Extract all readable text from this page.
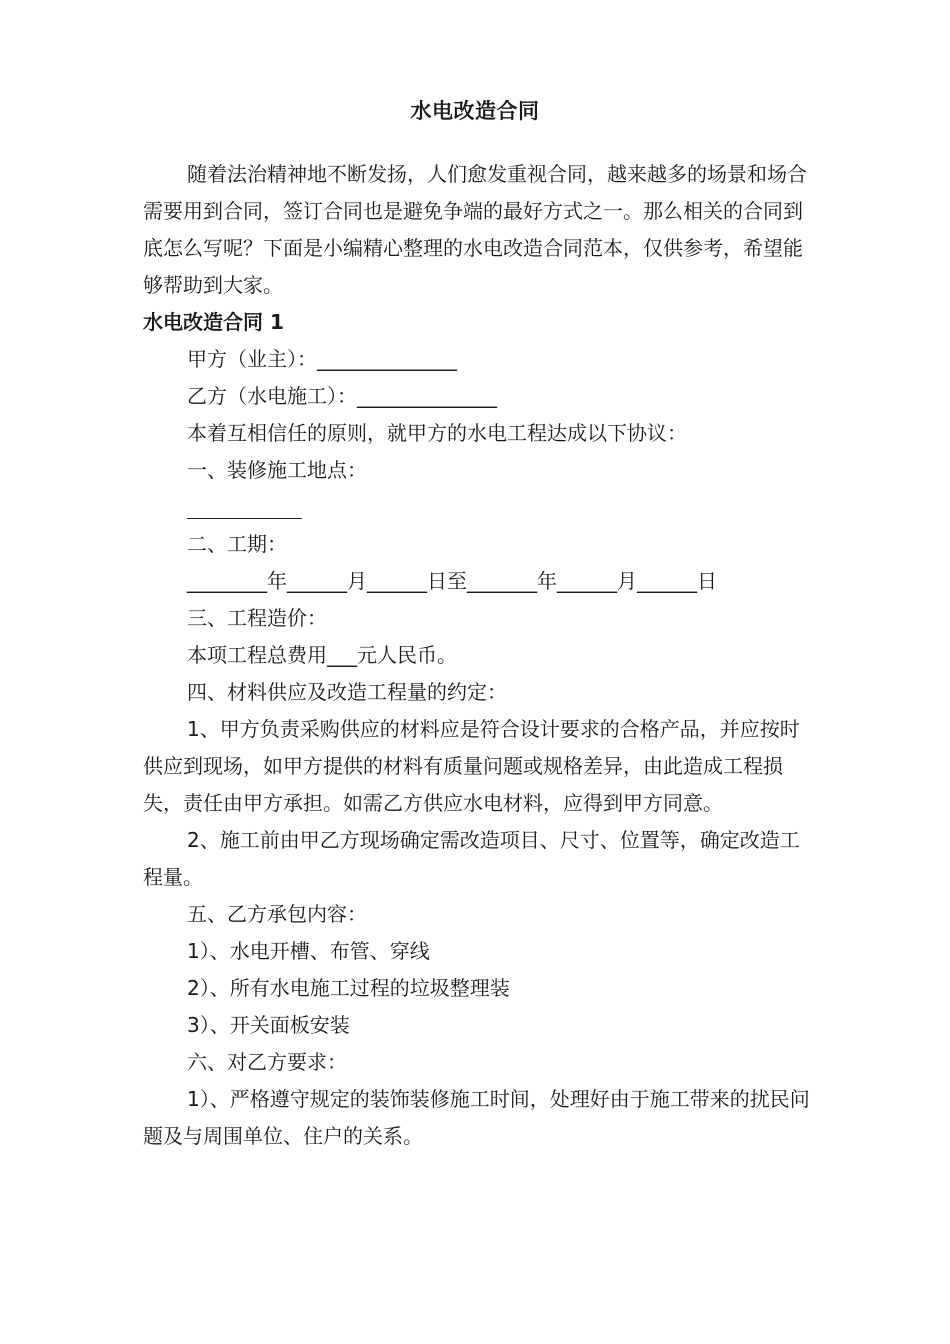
水电改造合同

随着法治精神地不断发扬，人们愈发重视合同，越来越多的场景和场合需要用到合同，签订合同也是避免争端的最好方式之一。那么相关的合同到底怎么写呢？下面是小编精心整理的水电改造合同范本，仅供参考，希望能够帮助到大家。

水电改造合同 1

甲方（业主）：______________

乙方（水电施工）：______________

本着互相信任的原则，就甲方的水电工程达成以下协议：

一、装修施工地点：

二、工期：

________年______月______日至_______年______月______日

三、工程造价：

本项工程总费用___元人民币。

四、材料供应及改造工程量的约定：

1、甲方负责采购供应的材料应是符合设计要求的合格产品，并应按时供应到现场，如甲方提供的材料有质量问题或规格差异，由此造成工程损失，责任由甲方承担。如需乙方供应水电材料，应得到甲方同意。

2、施工前由甲乙方现场确定需改造项目、尺寸、位置等，确定改造工程量。

五、乙方承包内容：

1）、水电开槽、布管、穿线

2）、所有水电施工过程的垃圾整理装

3）、开关面板安装

六、对乙方要求：

1）、严格遵守规定的装饰装修施工时间，处理好由于施工带来的扰民问题及与周围单位、住户的关系。
